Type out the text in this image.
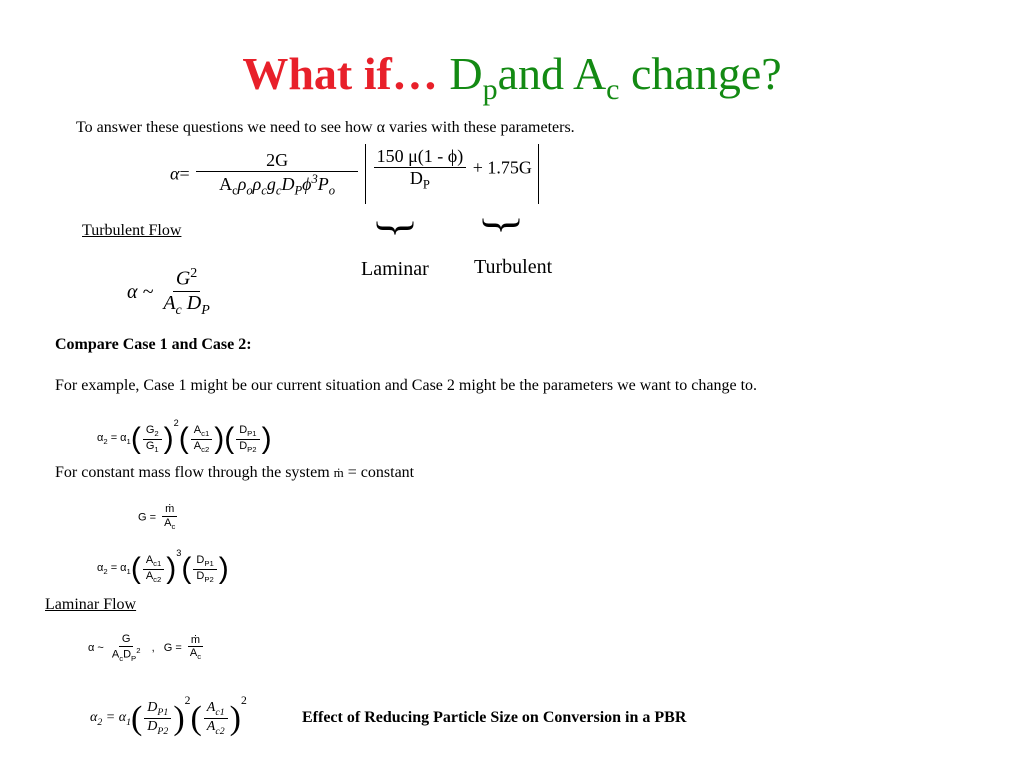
What if… $D_pand$ $A_c$ change?
To answer these questions we need to see how α varies with these parameters.
$\alpha= \frac{2G}{A_c\rho_o\rho_cg_cD_P\phi^3P_o}$
$\frac{150 \mu(1 - \phi)}{D_P} + 1.75G$
} }
Laminar Turbulent
Turbulent Flow
α ~ $\frac{G^2}{A_c D_P}$
Compare Case 1 and Case 2:
For example, Case 1 might be our current situation and Case 2 might be the parameters we want to change to.
$\alpha_2 = \alpha_1( \frac{G_2}{G_1} )^2( \frac{A_{c1}}{A_{c2}}$ )( $\frac{D_{P1}}{D_{P2}}$ )
For constant mass flow through the system ṁ = constant
$G = \frac{\text{ṁ}}{A_c}$
$\alpha_2 = \alpha_1( \frac{A_{c1}}{A_{c2}} )^3( \frac{D_{P1}}{D_{P2}}$ )
Laminar Flow
α ~ $\frac{G}{A_cD_P^2}$ ,   $G = \frac{\text{ṁ}}{A_c}$
$\alpha_2 = \alpha_1( \frac{D_{P1}}{D_{P2}} )^2( \frac{A_{c1}}{A_{c2}} )^2$
Effect of Reducing Particle Size on Conversion in a PBR
